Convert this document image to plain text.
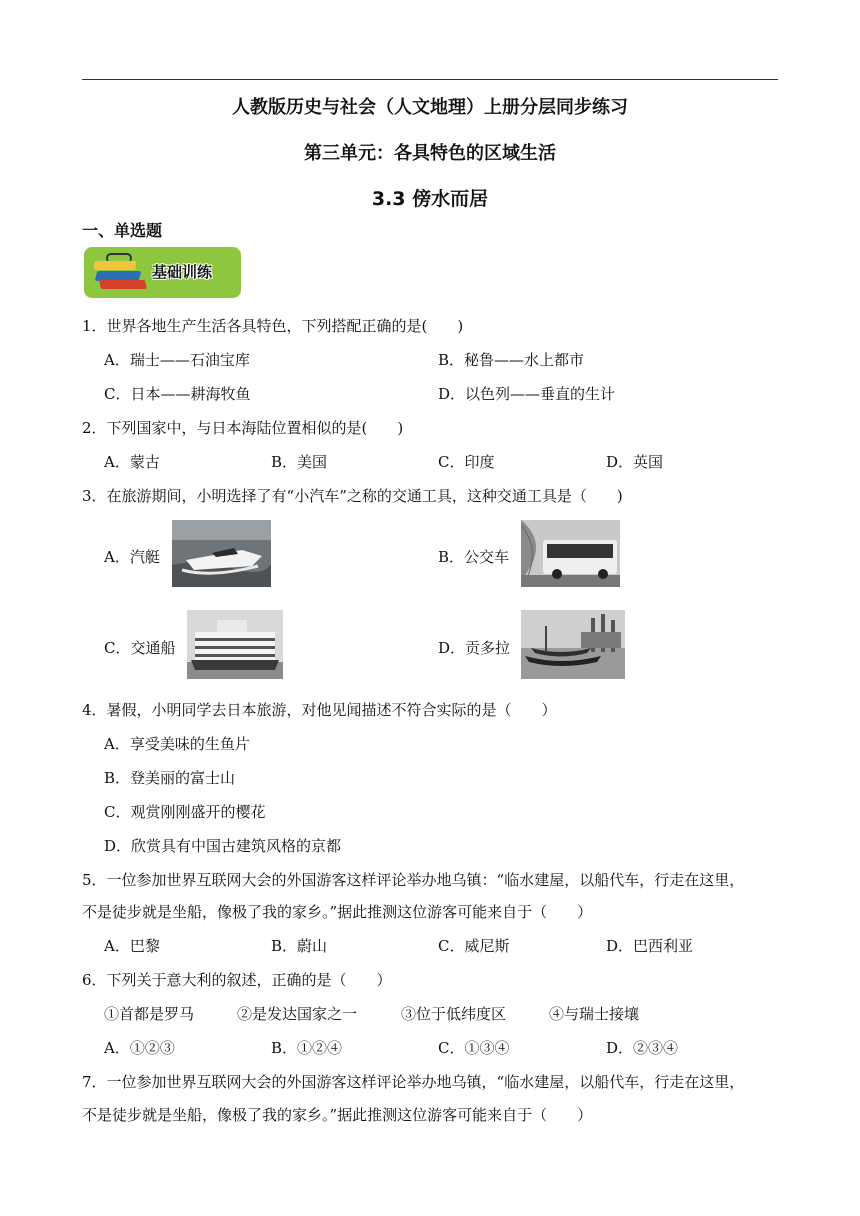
人教版历史与社会（人文地理）上册分层同步练习
第三单元：各具特色的区域生活
3.3 傍水而居
一、单选题
基础训练
1．世界各地生产生活各具特色，下列搭配正确的是(　　)
A．瑞士——石油宝库	B．秘鲁——水上都市
C．日本——耕海牧鱼	D．以色列——垂直的生计
2．下列国家中，与日本海陆位置相似的是(　　)
A．蒙古	B．美国	C．印度	D．英国
3．在旅游期间，小明选择了有“小汽车”之称的交通工具，这种交通工具是（　　)
A．汽艇	B．公交车
C．交通船	D．贡多拉
4．暑假，小明同学去日本旅游，对他见闻描述不符合实际的是（　　）
A．享受美味的生鱼片
B．登美丽的富士山
C．观赏刚刚盛开的樱花
D．欣赏具有中国古建筑风格的京都
5．一位参加世界互联网大会的外国游客这样评论举办地乌镇：“临水建屋，以船代车，行走在这里，
不是徒步就是坐船，像极了我的家乡。”据此推测这位游客可能来自于（　　）
A．巴黎	B．蔚山	C．威尼斯	D．巴西利亚
6．下列关于意大利的叙述，正确的是（　　）
①首都是罗马	②是发达国家之一	③位于低纬度区	④与瑞士接壤
A．①②③	B．①②④	C．①③④	D．②③④
7．一位参加世界互联网大会的外国游客这样评论举办地乌镇，“临水建屋，以船代车，行走在这里，
不是徒步就是坐船，像极了我的家乡。”据此推测这位游客可能来自于（　　）
